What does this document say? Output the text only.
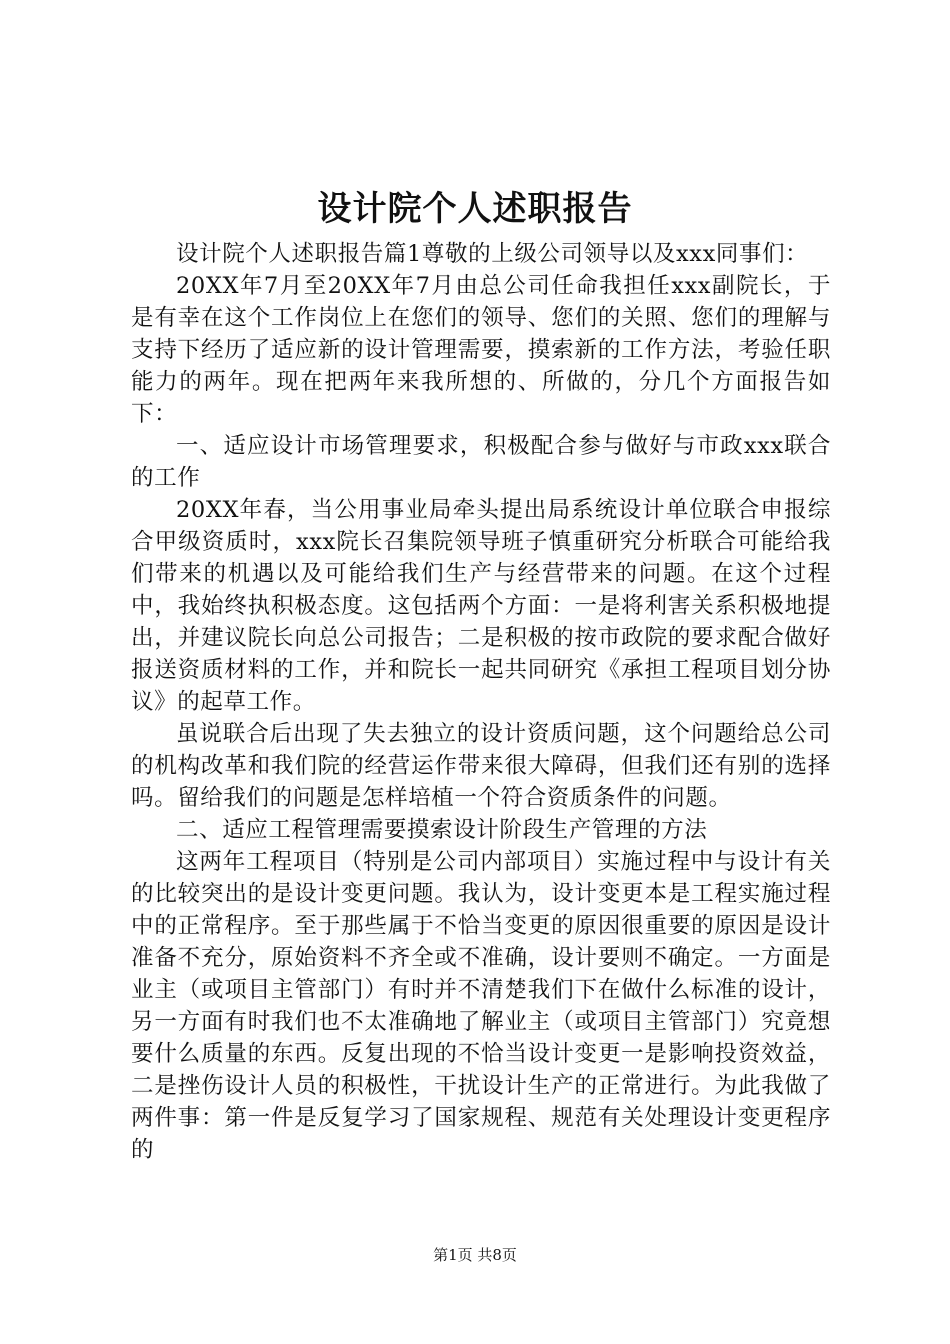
设计院个人述职报告

设计院个人述职报告篇1尊敬的上级公司领导以及xxx同事们：

20XX年7月至20XX年7月由总公司任命我担任xxx副院长，于是有幸在这个工作岗位上在您们的领导、您们的关照、您们的理解与支持下经历了适应新的设计管理需要，摸索新的工作方法，考验任职能力的两年。现在把两年来我所想的、所做的，分几个方面报告如下：

一、适应设计市场管理要求，积极配合参与做好与市政xxx联合的工作

20XX年春，当公用事业局牵头提出局系统设计单位联合申报综合甲级资质时，xxx院长召集院领导班子慎重研究分析联合可能给我们带来的机遇以及可能给我们生产与经营带来的问题。在这个过程中，我始终执积极态度。这包括两个方面：一是将利害关系积极地提出，并建议院长向总公司报告；二是积极的按市政院的要求配合做好报送资质材料的工作，并和院长一起共同研究《承担工程项目划分协议》的起草工作。

虽说联合后出现了失去独立的设计资质问题，这个问题给总公司的机构改革和我们院的经营运作带来很大障碍，但我们还有别的选择吗。留给我们的问题是怎样培植一个符合资质条件的问题。

二、适应工程管理需要摸索设计阶段生产管理的方法

这两年工程项目（特别是公司内部项目）实施过程中与设计有关的比较突出的是设计变更问题。我认为，设计变更本是工程实施过程中的正常程序。至于那些属于不恰当变更的原因很重要的原因是设计准备不充分，原始资料不齐全或不准确，设计要则不确定。一方面是业主（或项目主管部门）有时并不清楚我们下在做什么标准的设计，另一方面有时我们也不太准确地了解业主（或项目主管部门）究竟想要什么质量的东西。反复出现的不恰当设计变更一是影响投资效益，二是挫伤设计人员的积极性，干扰设计生产的正常进行。为此我做了两件事：第一件是反复学习了国家规程、规范有关处理设计变更程序的

第1页 共8页
